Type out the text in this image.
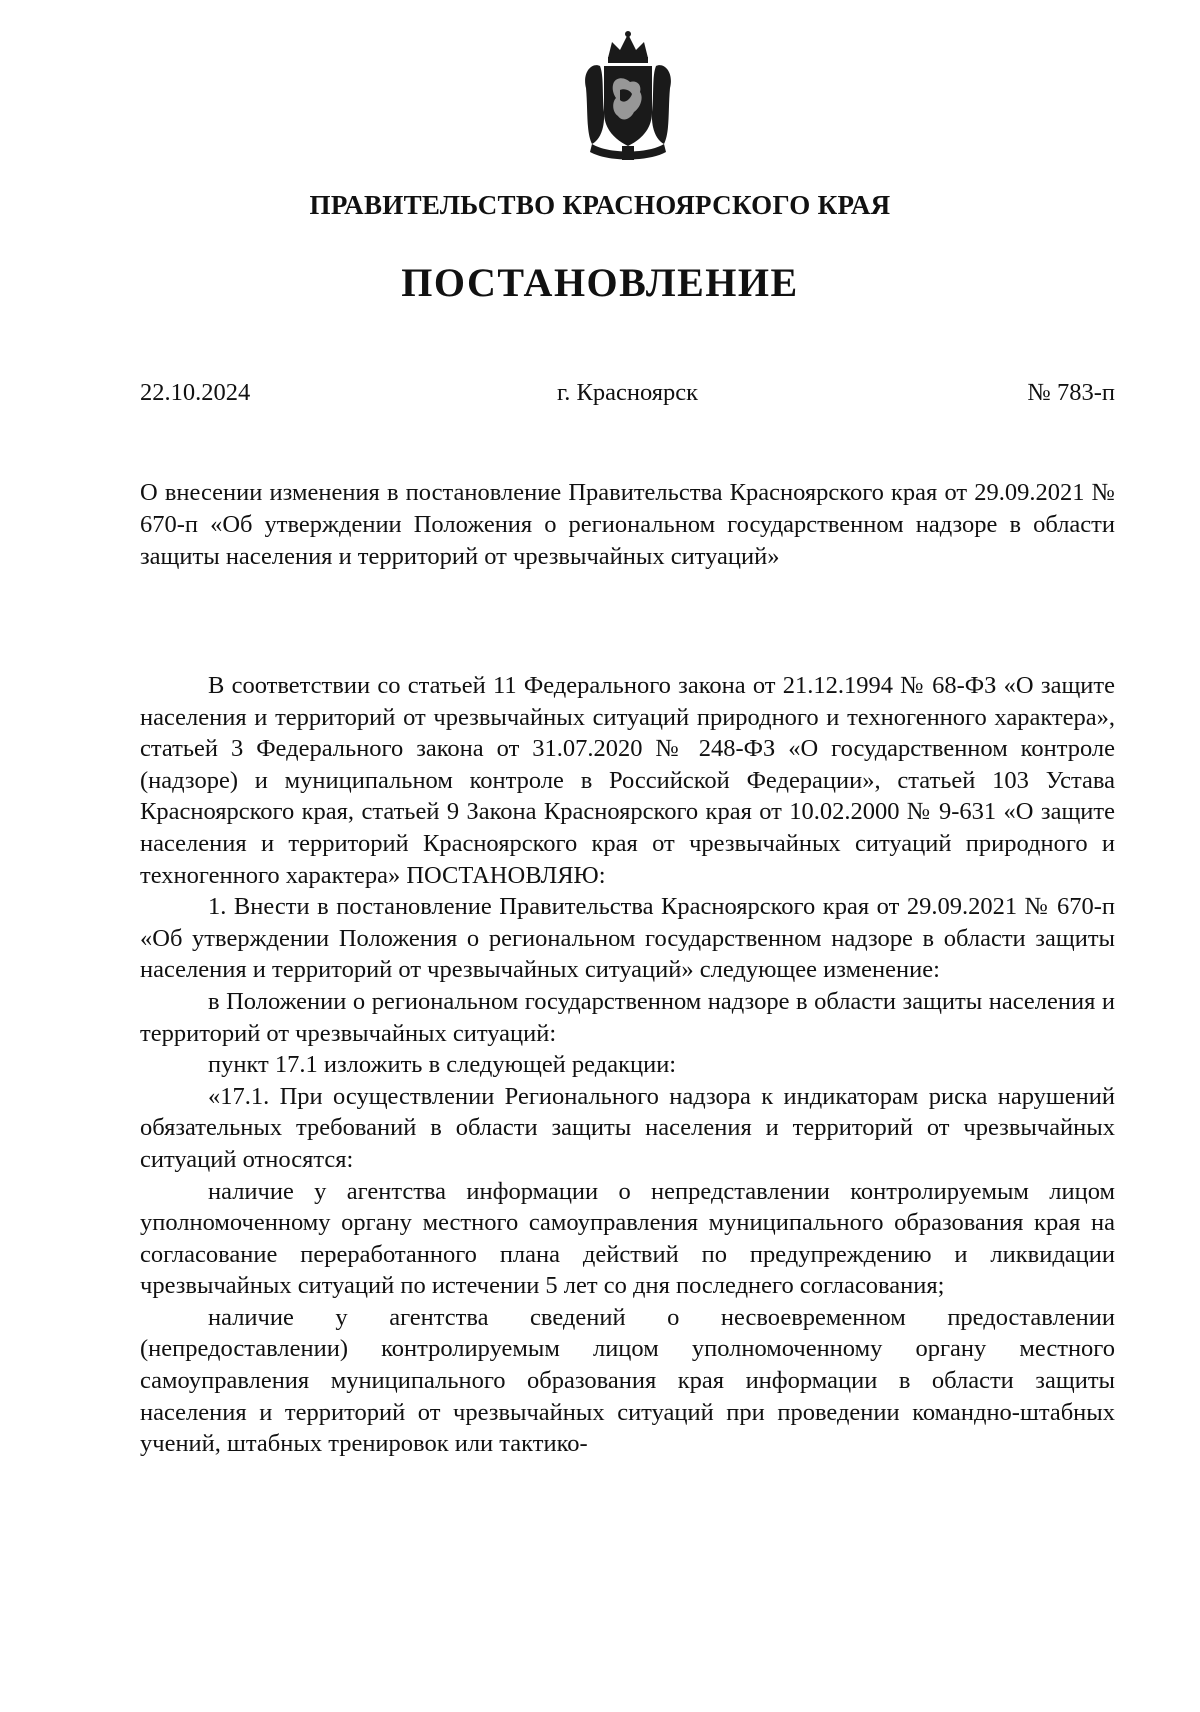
ПРАВИТЕЛЬСТВО КРАСНОЯРСКОГО КРАЯ
ПОСТАНОВЛЕНИЕ
22.10.2024	г. Красноярск	№ 783-п

О внесении изменения в постановление Правительства Красноярского края от 29.09.2021 № 670-п «Об утверждении Положения о региональном государственном надзоре в области защиты населения и территорий от чрезвычайных ситуаций»

В соответствии со статьей 11 Федерального закона от 21.12.1994 № 68-ФЗ «О защите населения и территорий от чрезвычайных ситуаций природного и техногенного характера», статьей 3 Федерального закона от 31.07.2020 № 248-ФЗ «О государственном контроле (надзоре) и муниципальном контроле в Российской Федерации», статьей 103 Устава Красноярского края, статьей 9 Закона Красноярского края от 10.02.2000 № 9-631 «О защите населения и территорий Красноярского края от чрезвычайных ситуаций природного и техногенного характера» ПОСТАНОВЛЯЮ:

1. Внести в постановление Правительства Красноярского края от 29.09.2021 № 670-п «Об утверждении Положения о региональном государственном надзоре в области защиты населения и территорий от чрезвычайных ситуаций» следующее изменение:

в Положении о региональном государственном надзоре в области защиты населения и территорий от чрезвычайных ситуаций:

пункт 17.1 изложить в следующей редакции:

«17.1. При осуществлении Регионального надзора к индикаторам риска нарушений обязательных требований в области защиты населения и территорий от чрезвычайных ситуаций относятся:

наличие у агентства информации о непредставлении контролируемым лицом уполномоченному органу местного самоуправления муниципального образования края на согласование переработанного плана действий по предупреждению и ликвидации чрезвычайных ситуаций по истечении 5 лет со дня последнего согласования;

наличие у агентства сведений о несвоевременном предоставлении (непредоставлении) контролируемым лицом уполномоченному органу местного самоуправления муниципального образования края информации в области защиты населения и территорий от чрезвычайных ситуаций при проведении командно-штабных учений, штабных тренировок или тактико-
